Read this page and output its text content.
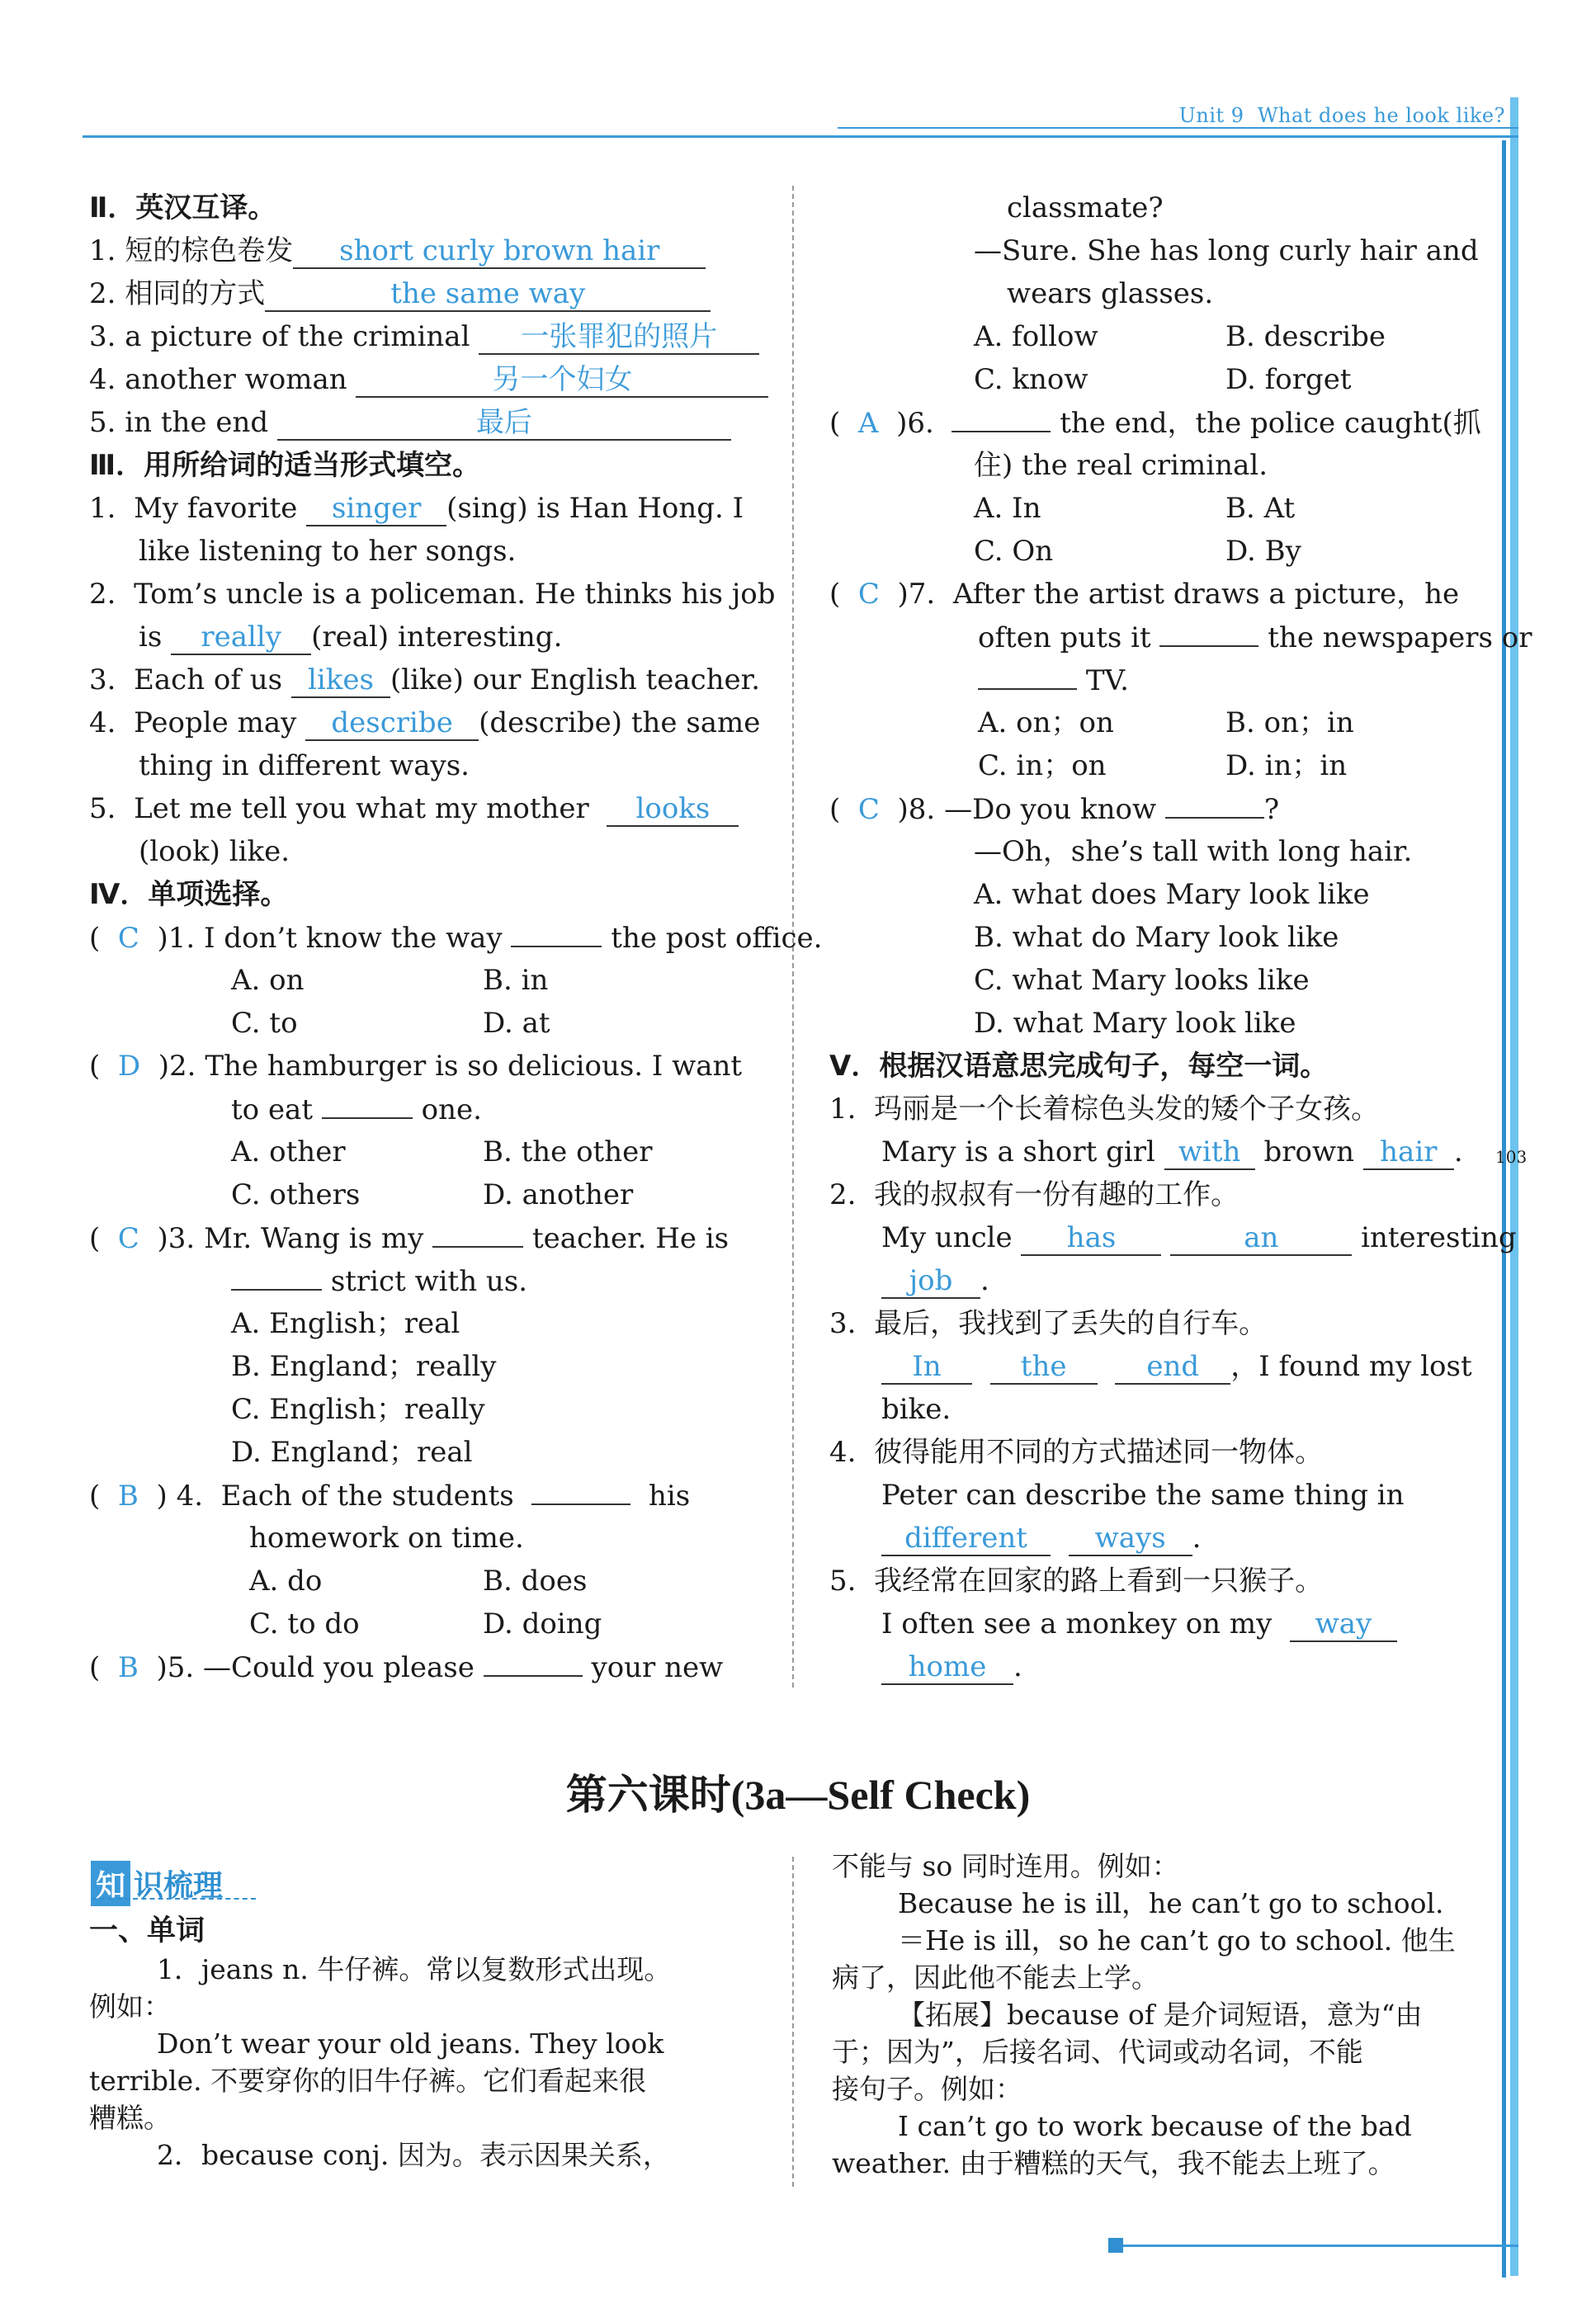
Unit 9 What does he look like?
103
Ⅱ．英汉互译。
1. 短的棕色卷发 short curly brown hair
2. 相同的方式	the same way
3. a picture of the criminal 一张罪犯的照片
4. another woman	另一个妇女
5. in the end	最后
Ⅲ．用所给词的适当形式填空。
1. My favorite singer (sing) is Han Hong. I
like listening to her songs.
2. Tom’s uncle is a policeman. He thinks his job
is really (real) interesting.
3. Each of us likes (like) our English teacher.
4. People may describe (describe) the same
thing in different ways.
5. Let me tell you what my mother looks
(look) like.
Ⅳ．单项选择。
(  C )1. I don’t know the way	the post office.
A. on	B. in
C. to	D. at
(  D )2. The hamburger is so delicious. I want
to eat	one.
A. other	B. the other
C. others	D. another
(  C )3. Mr. Wang is my	teacher. He is
strict with us.
A. English；real
B. England；really
C. English；really
D. England；real
(  B ) 4. Each of the students	his
homework on time.
A. do	B. does
C. to do	D. doing
(  B )5. —Could you please	your new
classmate?
—Sure. She has long curly hair and
wears glasses.
A. follow	B. describe
C. know	D. forget
(  A )6.	the end，the police caught(抓
住) the real criminal.
A. In	B. At
C. On	D. By
(  C )7. After the artist draws a picture，he
often puts it	the newspapers or
TV.
A. on；on	B. on；in
C. in；on	D. in；in
(  C )8. —Do you know	?
—Oh，she’s tall with long hair.
A. what does Mary look like
B. what do Mary look like
C. what Mary looks like
D. what Mary look like
Ⅴ．根据汉语意思完成句子，每空一词。
1. 玛丽是一个长着棕色头发的矮个子女孩。
Mary is a short girl with brown hair .
2. 我的叔叔有一份有趣的工作。
My uncle has	an	interesting
job .
3. 最后，我找到了丢失的自行车。
In	the	end ，I found my lost
bike.
4. 彼得能用不同的方式描述同一物体。
Peter can describe the same thing in
different ways .
5. 我经常在回家的路上看到一只猴子。
I often see a monkey on my way
home .
第六课时(3a—Self Check)
知 识梳理
一、单词
1．jeans n. 牛仔裤。常以复数形式出现。
例如：
Don’t wear your old jeans. They look
terrible. 不要穿你的旧牛仔裤。它们看起来很
糟糕。
2．because conj. 因为。表示因果关系，
不能与 so 同时连用。例如：
Because he is ill，he can’t go to school.
＝He is ill，so he can’t go to school. 他生
病了，因此他不能去上学。
【拓展】because of 是介词短语，意为“由
于；因为”，后接名词、代词或动名词，不能
接句子。例如：
I can’t go to work because of the bad
weather. 由于糟糕的天气，我不能去上班了。
